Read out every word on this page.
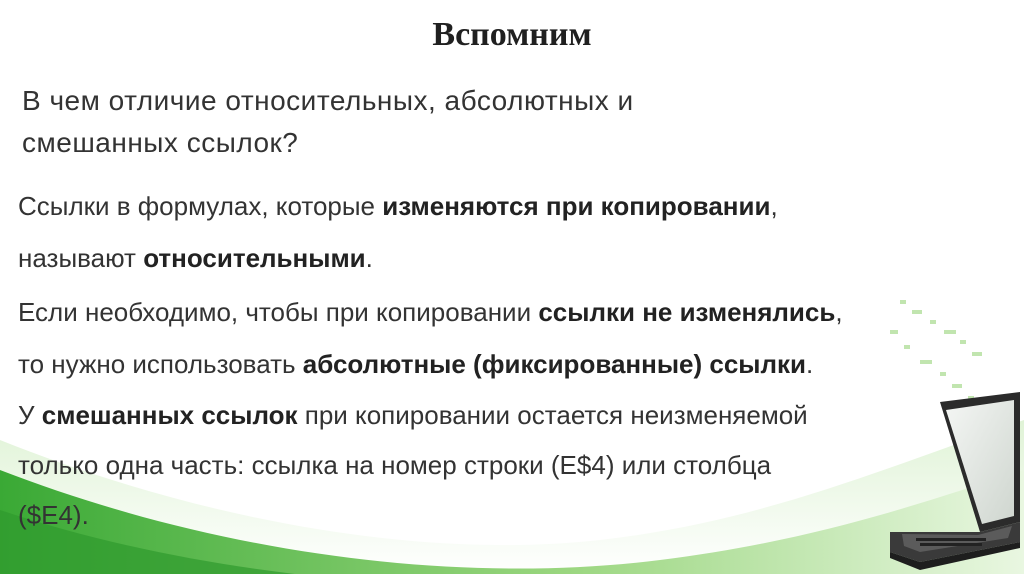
Вспомним
В чем отличие относительных, абсолютных и
смешанных ссылок?
Ссылки в формулах, которые изменяются при копировании,
называют относительными.
Если необходимо, чтобы при копировании ссылки не изменялись,
то нужно использовать абсолютные (фиксированные) ссылки.
У смешанных ссылок при копировании остается неизменяемой
только одна часть: ссылка на номер строки (E$4) или столбца
($E4).
